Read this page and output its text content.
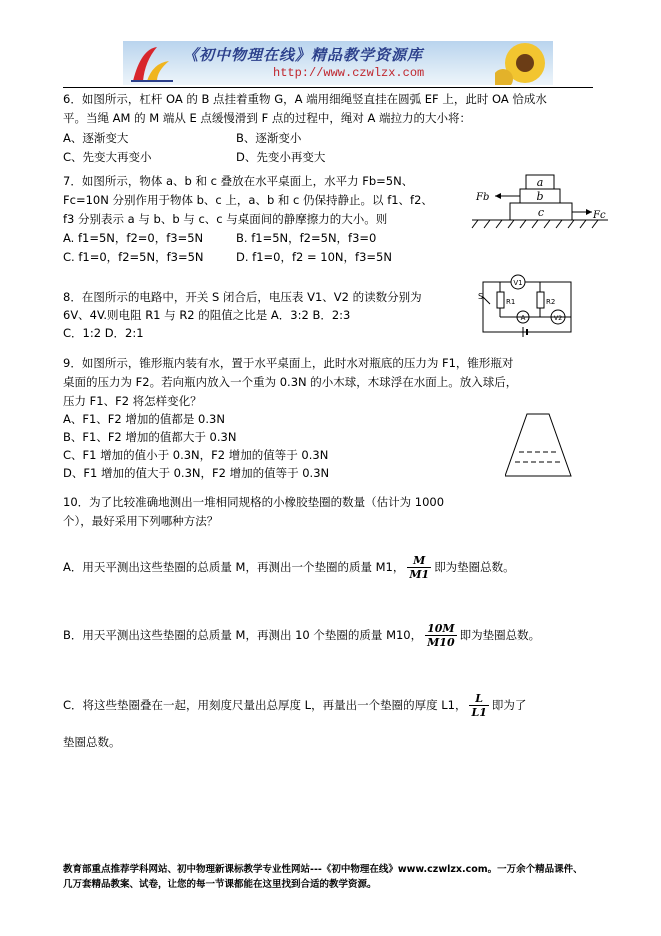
《初中物理在线》精品教学资源库
http://www.czwlzx.com
6．如图所示，杠杆 OA 的 B 点挂着重物 G，A 端用细绳竖直挂在圆弧 EF 上，此时 OA 恰成水
平。当绳 AM 的 M 端从 E 点缓慢滑到 F 点的过程中，绳对 A 端拉力的大小将：
A、逐渐变大	B、逐渐变小
C、先变大再变小	D、先变小再变大
7．如图所示，物体 a、b 和 c 叠放在水平桌面上，水平力 Fb=5N、
Fc=10N 分别作用于物体 b、c 上，a、b 和 c 仍保持静止。以 f1、f2、
f3 分别表示 a 与 b、b 与 c、c 与桌面间的静摩擦力的大小。则
A. f1=5N，f2=0，f3=5N	B. f1=5N，f2=5N，f3=0
C. f1=0，f2=5N，f3=5N	D. f1=0，f2 = 10N，f3=5N
a
b
c
Fb
Fc
8．在图所示的电路中，开关 S 闭合后，电压表 V1、V2 的读数分别为
6V、4V.则电阻 R1 与 R2 的阻值之比是 A．3:2 B．2:3
C．1:2 D．2:1
V1
R1	R2
S
A	V2
9．如图所示，锥形瓶内装有水，置于水平桌面上，此时水对瓶底的压力为 F1，锥形瓶对
桌面的压力为 F2。若向瓶内放入一个重为 0.3N 的小木球，木球浮在水面上。放入球后，
压力 F1、F2 将怎样变化？
A、F1、F2 增加的值都是 0.3N
B、F1、F2 增加的值都大于 0.3N
C、F1 增加的值小于 0.3N，F2 增加的值等于 0.3N
D、F1 增加的值大于 0.3N，F2 增加的值等于 0.3N
10．为了比较准确地测出一堆相同规格的小橡胶垫圈的数量（估计为 1000
个），最好采用下列哪种方法？
A．用天平测出这些垫圈的总质量 M，再测出一个垫圈的质量 M1， $\frac{M}{M1}$ 即为垫圈总数。
B．用天平测出这些垫圈的总质量 M，再测出 10 个垫圈的质量 M10， $\frac{10M}{M10}$ 即为垫圈总数。
C．将这些垫圈叠在一起，用刻度尺量出总厚度 L，再量出一个垫圈的厚度 L1， $\frac{L}{L1}$ 即为了
垫圈总数。
教育部重点推荐学科网站、初中物理新课标教学专业性网站---《初中物理在线》www.czwlzx.com。一万余个精品课件、
几万套精品教案、试卷，让您的每一节课都能在这里找到合适的教学资源。
